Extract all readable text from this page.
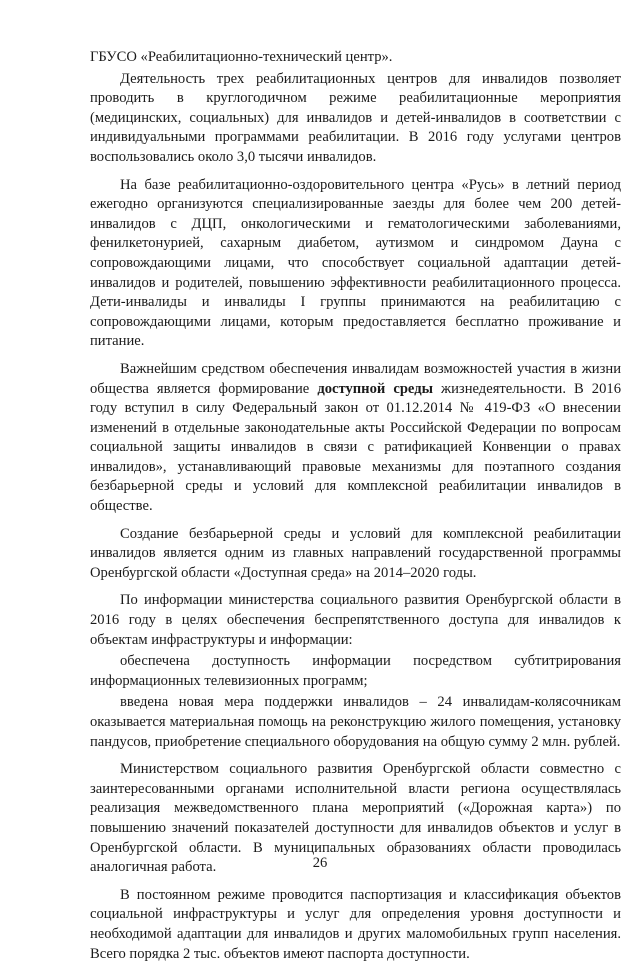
ГБУСО «Реабилитационно-технический центр».

Деятельность трех реабилитационных центров для инвалидов позволяет проводить в круглогодичном режиме реабилитационные мероприятия (медицинских, социальных) для инвалидов и детей-инвалидов в соответствии с индивидуальными программами реабилитации. В 2016 году услугами центров воспользовались около 3,0 тысячи инвалидов.

На базе реабилитационно-оздоровительного центра «Русь» в летний период ежегодно организуются специализированные заезды для более чем 200 детей-инвалидов с ДЦП, онкологическими и гематологическими заболеваниями, фенилкетонурией, сахарным диабетом, аутизмом и синдромом Дауна с сопровождающими лицами, что способствует социальной адаптации детей-инвалидов и родителей, повышению эффективности реабилитационного процесса. Дети-инвалиды и инвалиды I группы принимаются на реабилитацию с сопровождающими лицами, которым предоставляется бесплатно проживание и питание.

Важнейшим средством обеспечения инвалидам возможностей участия в жизни общества является формирование доступной среды жизнедеятельности. В 2016 году вступил в силу Федеральный закон от 01.12.2014 № 419-ФЗ «О внесении изменений в отдельные законодательные акты Российской Федерации по вопросам социальной защиты инвалидов в связи с ратификацией Конвенции о правах инвалидов», устанавливающий правовые механизмы для поэтапного создания безбарьерной среды и условий для комплексной реабилитации инвалидов в обществе.

Создание безбарьерной среды и условий для комплексной реабилитации инвалидов является одним из главных направлений государственной программы Оренбургской области «Доступная среда» на 2014–2020 годы.

По информации министерства социального развития Оренбургской области в 2016 году в целях обеспечения беспрепятственного доступа для инвалидов к объектам инфраструктуры и информации:

обеспечена доступность информации посредством субтитрирования информационных телевизионных программ;

введена новая мера поддержки инвалидов – 24 инвалидам-колясочникам оказывается материальная помощь на реконструкцию жилого помещения, установку пандусов, приобретение специального оборудования на общую сумму 2 млн. рублей.

Министерством социального развития Оренбургской области совместно с заинтересованными органами исполнительной власти региона осуществлялась реализация межведомственного плана мероприятий («Дорожная карта») по повышению значений показателей доступности для инвалидов объектов и услуг в Оренбургской области. В муниципальных образованиях области проводилась аналогичная работа.

В постоянном режиме проводится паспортизация и классификация объектов социальной инфраструктуры и услуг для определения уровня доступности и необходимой адаптации для инвалидов и других маломобильных групп населения. Всего порядка 2 тыс. объектов имеют паспорта доступности.

26
